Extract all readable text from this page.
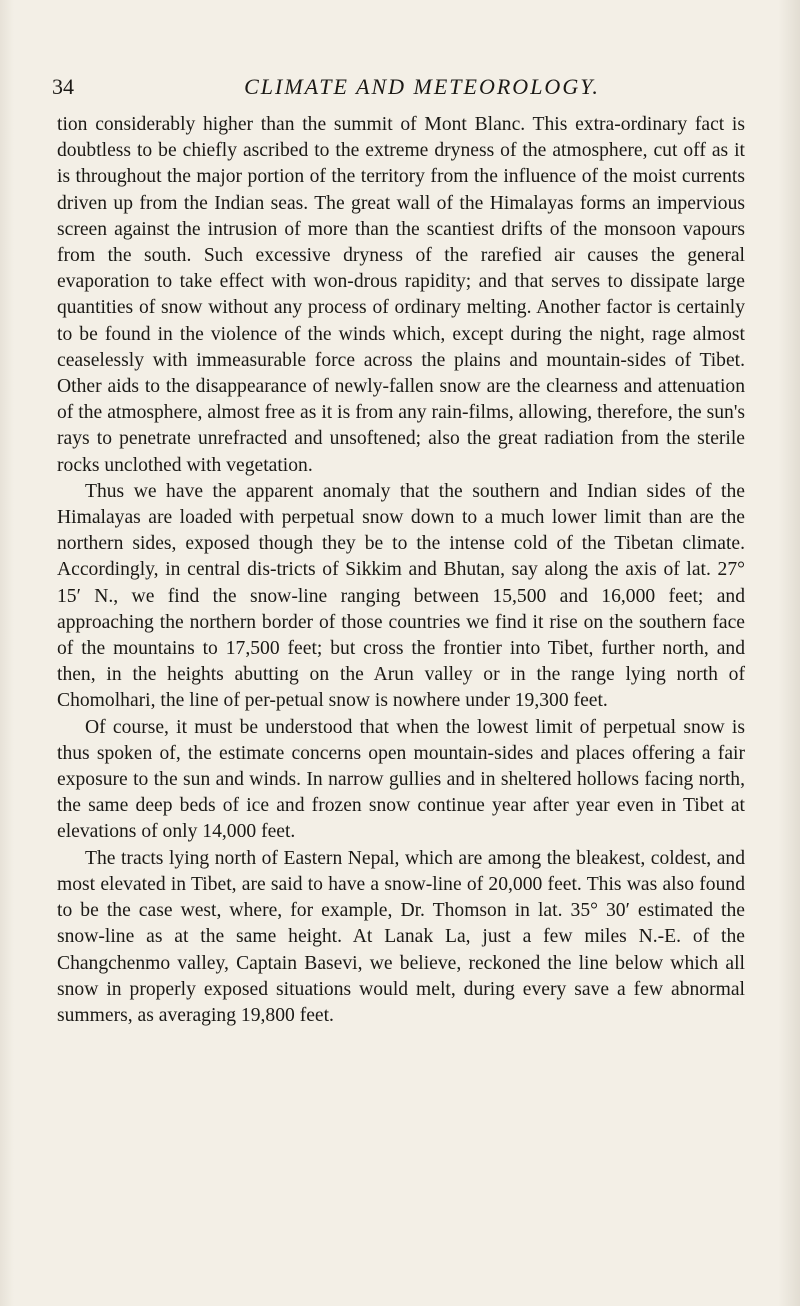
34	CLIMATE AND METEOROLOGY.

tion considerably higher than the summit of Mont Blanc. This extra-ordinary fact is doubtless to be chiefly ascribed to the extreme dryness of the atmosphere, cut off as it is throughout the major portion of the territory from the influence of the moist currents driven up from the Indian seas. The great wall of the Himalayas forms an impervious screen against the intrusion of more than the scantiest drifts of the monsoon vapours from the south. Such excessive dryness of the rarefied air causes the general evaporation to take effect with won-drous rapidity; and that serves to dissipate large quantities of snow without any process of ordinary melting. Another factor is certainly to be found in the violence of the winds which, except during the night, rage almost ceaselessly with immeasurable force across the plains and mountain-sides of Tibet. Other aids to the disappearance of newly-fallen snow are the clearness and attenuation of the atmosphere, almost free as it is from any rain-films, allowing, therefore, the sun's rays to penetrate unrefracted and unsoftened; also the great radiation from the sterile rocks unclothed with vegetation.

Thus we have the apparent anomaly that the southern and Indian sides of the Himalayas are loaded with perpetual snow down to a much lower limit than are the northern sides, exposed though they be to the intense cold of the Tibetan climate. Accordingly, in central dis-tricts of Sikkim and Bhutan, say along the axis of lat. 27° 15′ N., we find the snow-line ranging between 15,500 and 16,000 feet; and approaching the northern border of those countries we find it rise on the southern face of the mountains to 17,500 feet; but cross the frontier into Tibet, further north, and then, in the heights abutting on the Arun valley or in the range lying north of Chomolhari, the line of per-petual snow is nowhere under 19,300 feet.

Of course, it must be understood that when the lowest limit of perpetual snow is thus spoken of, the estimate concerns open mountain-sides and places offering a fair exposure to the sun and winds. In narrow gullies and in sheltered hollows facing north, the same deep beds of ice and frozen snow continue year after year even in Tibet at elevations of only 14,000 feet.

The tracts lying north of Eastern Nepal, which are among the bleakest, coldest, and most elevated in Tibet, are said to have a snow-line of 20,000 feet. This was also found to be the case west, where, for example, Dr. Thomson in lat. 35° 30′ estimated the snow-line as at the same height. At Lanak La, just a few miles N.-E. of the Changchenmo valley, Captain Basevi, we believe, reckoned the line below which all snow in properly exposed situations would melt, during every save a few abnormal summers, as averaging 19,800 feet.
